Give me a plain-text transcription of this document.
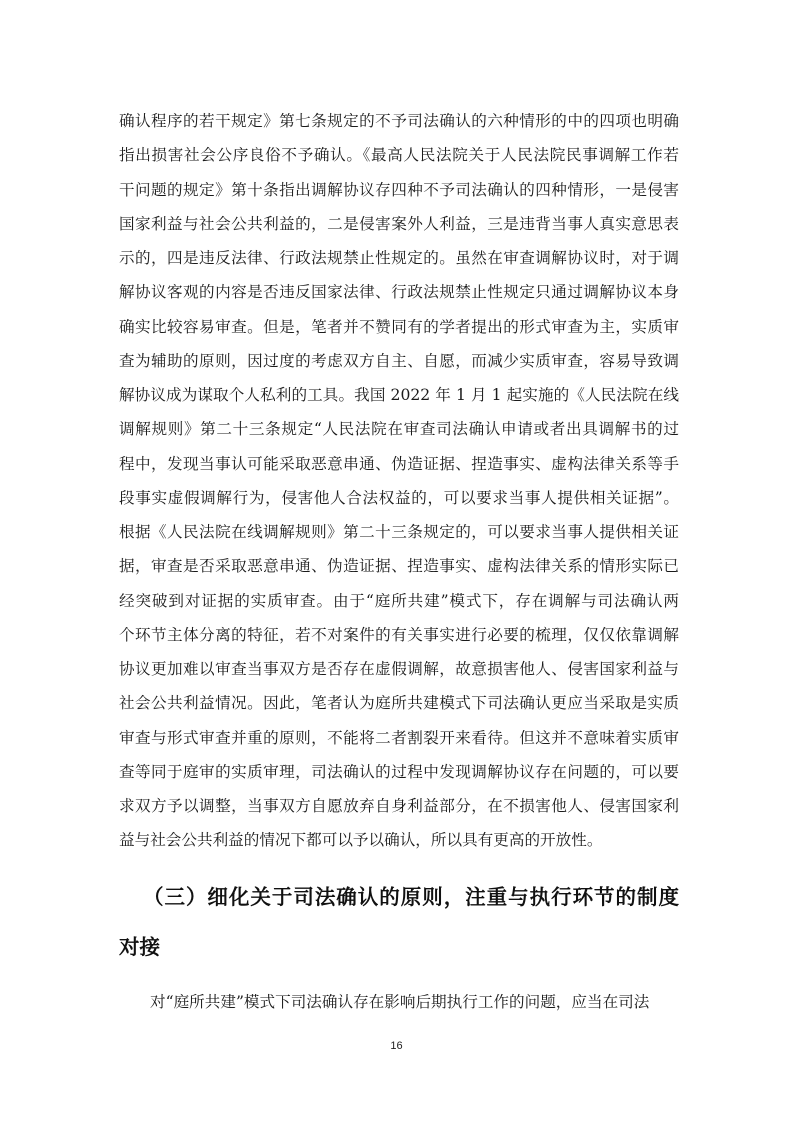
确认程序的若干规定》第七条规定的不予司法确认的六种情形的中的四项也明确
指出损害社会公序良俗不予确认。《最高人民法院关于人民法院民事调解工作若
干问题的规定》第十条指出调解协议存四种不予司法确认的四种情形，一是侵害
国家利益与社会公共利益的，二是侵害案外人利益，三是违背当事人真实意思表
示的，四是违反法律、行政法规禁止性规定的。虽然在审查调解协议时，对于调
解协议客观的内容是否违反国家法律、行政法规禁止性规定只通过调解协议本身
确实比较容易审查。但是，笔者并不赞同有的学者提出的形式审查为主，实质审
查为辅助的原则，因过度的考虑双方自主、自愿，而减少实质审查，容易导致调
解协议成为谋取个人私利的工具。我国 2022 年 1 月 1 起实施的《人民法院在线
调解规则》第二十三条规定“人民法院在审查司法确认申请或者出具调解书的过
程中，发现当事认可能采取恶意串通、伪造证据、捏造事实、虚构法律关系等手
段事实虚假调解行为，侵害他人合法权益的，可以要求当事人提供相关证据”。
根据《人民法院在线调解规则》第二十三条规定的，可以要求当事人提供相关证
据，审查是否采取恶意串通、伪造证据、捏造事实、虚构法律关系的情形实际已
经突破到对证据的实质审查。由于“庭所共建”模式下，存在调解与司法确认两
个环节主体分离的特征，若不对案件的有关事实进行必要的梳理，仅仅依靠调解
协议更加难以审查当事双方是否存在虚假调解，故意损害他人、侵害国家利益与
社会公共利益情况。因此，笔者认为庭所共建模式下司法确认更应当采取是实质
审查与形式审查并重的原则，不能将二者割裂开来看待。但这并不意味着实质审
查等同于庭审的实质审理，司法确认的过程中发现调解协议存在问题的，可以要
求双方予以调整，当事双方自愿放弃自身利益部分，在不损害他人、侵害国家利
益与社会公共利益的情况下都可以予以确认，所以具有更高的开放性。
（三）细化关于司法确认的原则，注重与执行环节的制度
对接
对“庭所共建”模式下司法确认存在影响后期执行工作的问题，应当在司法
16
